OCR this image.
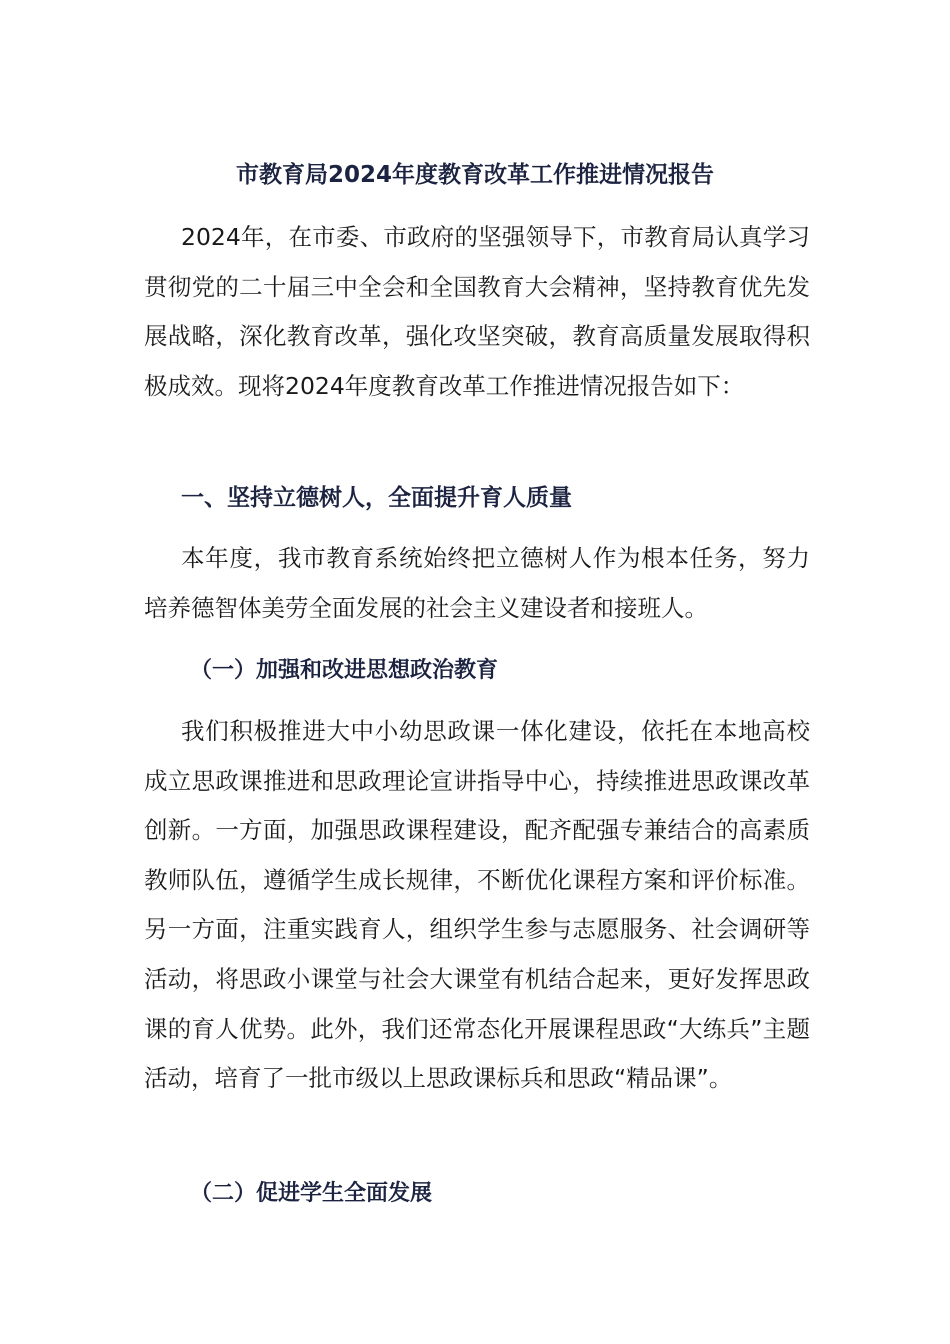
市教育局2024年度教育改革工作推进情况报告

2024年，在市委、市政府的坚强领导下，市教育局认真学习贯彻党的二十届三中全会和全国教育大会精神，坚持教育优先发展战略，深化教育改革，强化攻坚突破，教育高质量发展取得积极成效。现将2024年度教育改革工作推进情况报告如下：

一、坚持立德树人，全面提升育人质量

本年度，我市教育系统始终把立德树人作为根本任务，努力培养德智体美劳全面发展的社会主义建设者和接班人。

（一）加强和改进思想政治教育

我们积极推进大中小幼思政课一体化建设，依托在本地高校成立思政课推进和思政理论宣讲指导中心，持续推进思政课改革创新。一方面，加强思政课程建设，配齐配强专兼结合的高素质教师队伍，遵循学生成长规律，不断优化课程方案和评价标准。另一方面，注重实践育人，组织学生参与志愿服务、社会调研等活动，将思政小课堂与社会大课堂有机结合起来，更好发挥思政课的育人优势。此外，我们还常态化开展课程思政“大练兵”主题活动，培育了一批市级以上思政课标兵和思政“精品课”。

（二）促进学生全面发展
